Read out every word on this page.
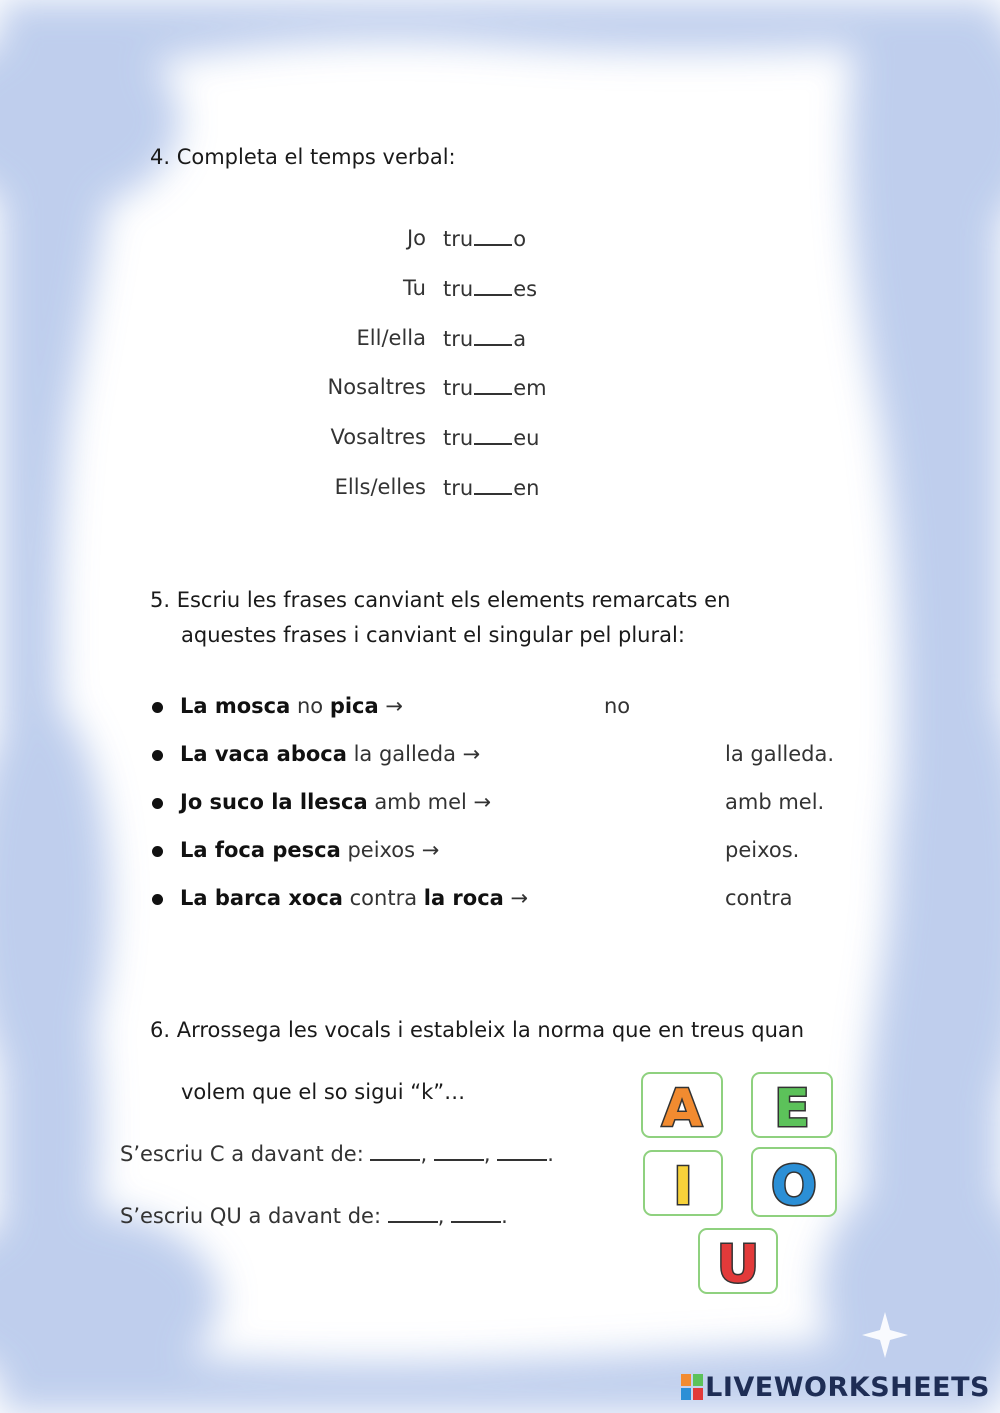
4. Completa el temps verbal:
Jo tru o
Tu tru es
Ell/ella tru a
Nosaltres tru em
Vosaltres tru eu
Ells/elles tru en
5. Escriu les frases canviant els elements remarcats en
aquestes frases i canviant el singular pel plural:
La mosca no pica →	no
La vaca aboca la galleda →	la galleda.
Jo suco la llesca amb mel →	amb mel.
La foca pesca peixos →	peixos.
La barca xoca contra la roca →	contra
6. Arrossega les vocals i estableix la norma que en treus quan
volem que el so sigui “k”…
S’escriu C a davant de:	,	,	.
S’escriu QU a davant de:	,	.
A E
I O
U
LIVEWORKSHEETS
